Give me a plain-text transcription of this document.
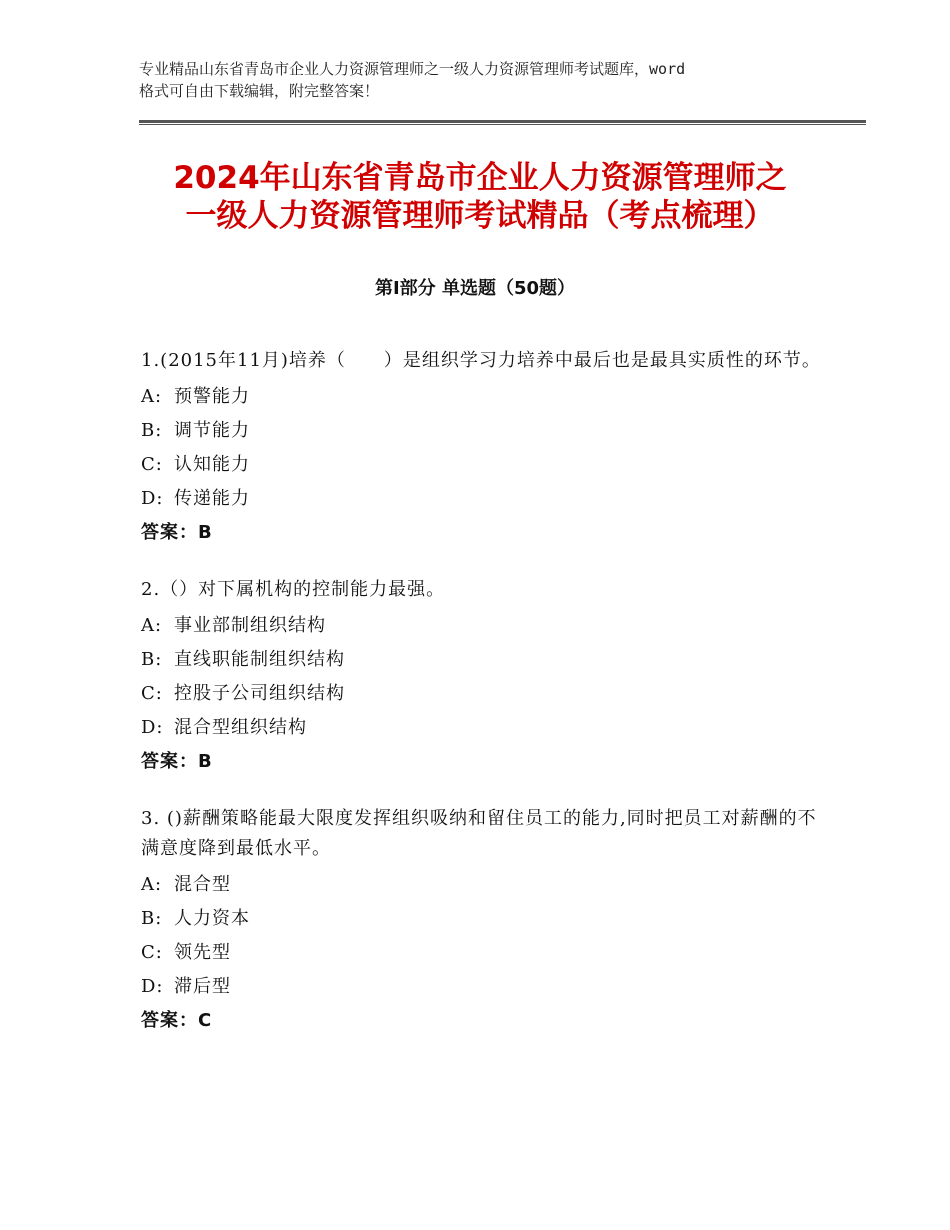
专业精品山东省青岛市企业人力资源管理师之一级人力资源管理师考试题库，word
格式可自由下载编辑，附完整答案！
2024年山东省青岛市企业人力资源管理师之
一级人力资源管理师考试精品（考点梳理）
第Ⅰ部分 单选题（50题）
1.(2015年11月)培养（　　）是组织学习力培养中最后也是最具实质性的环节。
A: 预警能力
B: 调节能力
C: 认知能力
D: 传递能力
答案：B
2.（）对下属机构的控制能力最强。
A: 事业部制组织结构
B: 直线职能制组织结构
C: 控股子公司组织结构
D: 混合型组织结构
答案：B
3. ()薪酬策略能最大限度发挥组织吸纳和留住员工的能力,同时把员工对薪酬的不满意度降到最低水平。
A: 混合型
B: 人力资本
C: 领先型
D: 滞后型
答案：C
